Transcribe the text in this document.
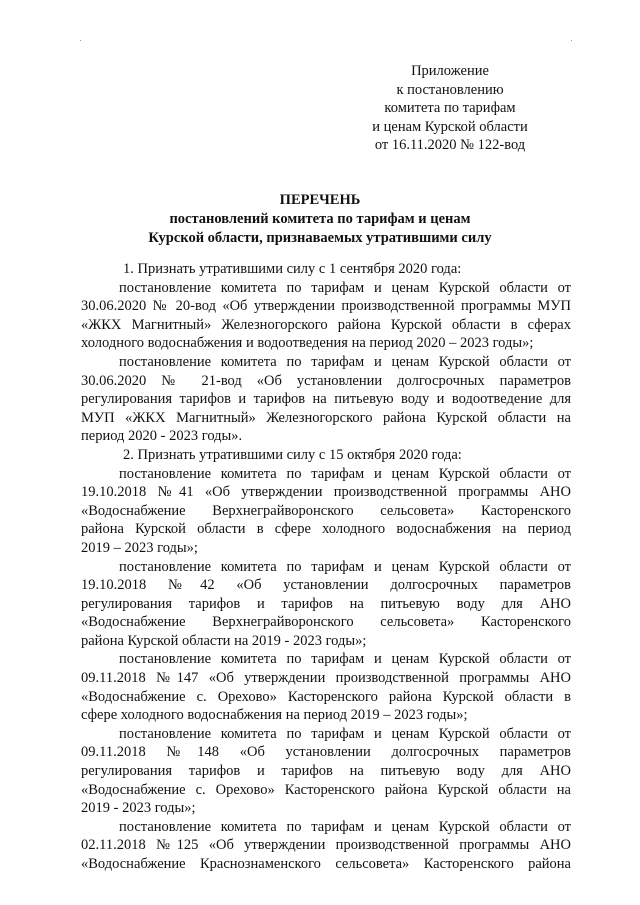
Приложение
к постановлению
комитета по тарифам
и ценам Курской области
от 16.11.2020 № 122-вод
ПЕРЕЧЕНЬ
постановлений комитета по тарифам и ценам
Курской области, признаваемых утратившими силу
1. Признать утратившими силу с 1 сентября 2020 года:
постановление комитета по тарифам и ценам Курской области от
30.06.2020 № 20-вод «Об утверждении производственной программы МУП
«ЖКХ Магнитный» Железногорского района Курской области в сферах
холодного водоснабжения и водоотведения на период 2020 – 2023 годы»;
постановление комитета по тарифам и ценам Курской области от
30.06.2020 № 21-вод «Об установлении долгосрочных параметров
регулирования тарифов и тарифов на питьевую воду и водоотведение для
МУП «ЖКХ Магнитный» Железногорского района Курской области на
период 2020 - 2023 годы».
2. Признать утратившими силу с 15 октября 2020 года:
постановление комитета по тарифам и ценам Курской области от
19.10.2018 №41 «Об утверждении производственной программы АНО
«Водоснабжение Верхнеграйворонского сельсовета» Касторенского
района Курской области в сфере холодного водоснабжения на период
2019 – 2023 годы»;
постановление комитета по тарифам и ценам Курской области от
19.10.2018 №42 «Об установлении долгосрочных параметров
регулирования тарифов и тарифов на питьевую воду для АНО
«Водоснабжение Верхнеграйворонского сельсовета» Касторенского
района Курской области на 2019 - 2023 годы»;
постановление комитета по тарифам и ценам Курской области от
09.11.2018 №147 «Об утверждении производственной программы АНО
«Водоснабжение с. Орехово» Касторенского района Курской области в
сфере холодного водоснабжения на период 2019 – 2023 годы»;
постановление комитета по тарифам и ценам Курской области от
09.11.2018 №148 «Об установлении долгосрочных параметров
регулирования тарифов и тарифов на питьевую воду для АНО
«Водоснабжение с. Орехово» Касторенского района Курской области на
2019 - 2023 годы»;
постановление комитета по тарифам и ценам Курской области от
02.11.2018 №125 «Об утверждении производственной программы АНО
«Водоснабжение Краснознаменского сельсовета» Касторенского района
